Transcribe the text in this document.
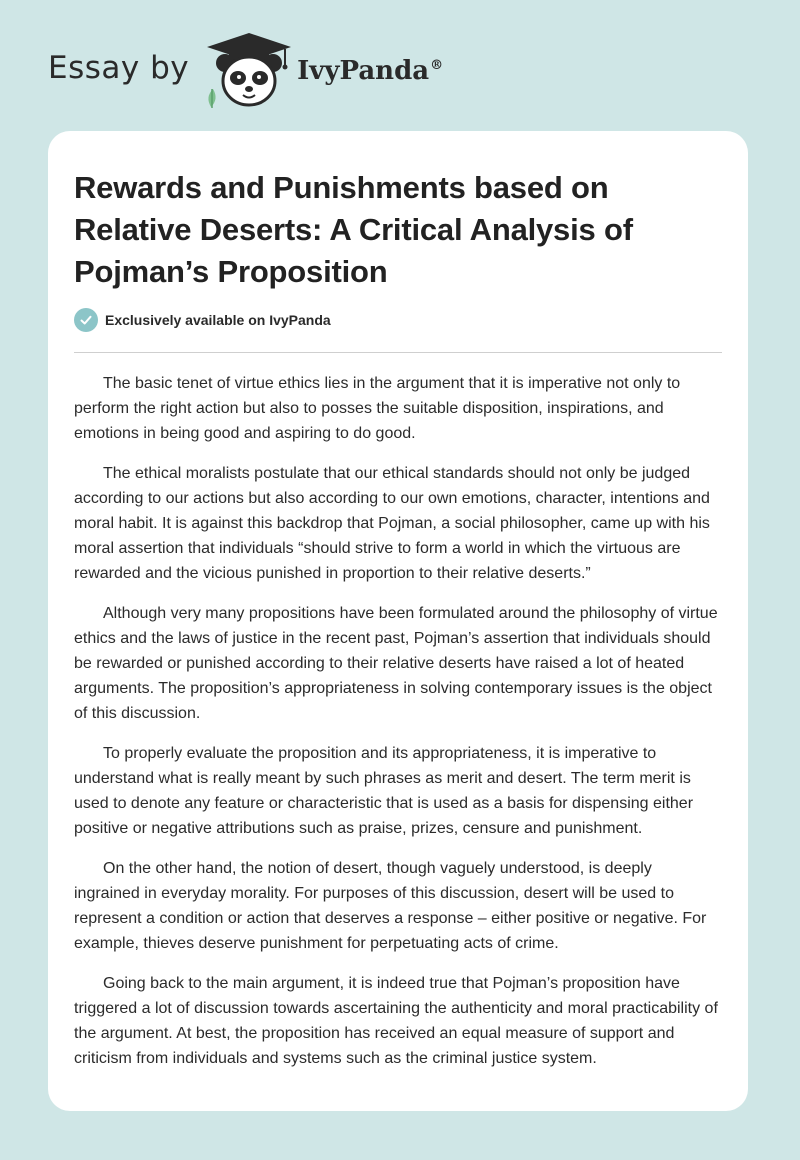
Essay by	IvyPanda®
Rewards and Punishments based on Relative Deserts: A Critical Analysis of Pojman’s Proposition
Exclusively available on IvyPanda

The basic tenet of virtue ethics lies in the argument that it is imperative not only to perform the right action but also to posses the suitable disposition, inspirations, and emotions in being good and aspiring to do good.

The ethical moralists postulate that our ethical standards should not only be judged according to our actions but also according to our own emotions, character, intentions and moral habit. It is against this backdrop that Pojman, a social philosopher, came up with his moral assertion that individuals “should strive to form a world in which the virtuous are rewarded and the vicious punished in proportion to their relative deserts.”

Although very many propositions have been formulated around the philosophy of virtue ethics and the laws of justice in the recent past, Pojman’s assertion that individuals should be rewarded or punished according to their relative deserts have raised a lot of heated arguments. The proposition’s appropriateness in solving contemporary issues is the object of this discussion.

To properly evaluate the proposition and its appropriateness, it is imperative to understand what is really meant by such phrases as merit and desert. The term merit is used to denote any feature or characteristic that is used as a basis for dispensing either positive or negative attributions such as praise, prizes, censure and punishment.

On the other hand, the notion of desert, though vaguely understood, is deeply ingrained in everyday morality. For purposes of this discussion, desert will be used to represent a condition or action that deserves a response – either positive or negative. For example, thieves deserve punishment for perpetuating acts of crime.

Going back to the main argument, it is indeed true that Pojman’s proposition have triggered a lot of discussion towards ascertaining the authenticity and moral practicability of the argument. At best, the proposition has received an equal measure of support and criticism from individuals and systems such as the criminal justice system.
